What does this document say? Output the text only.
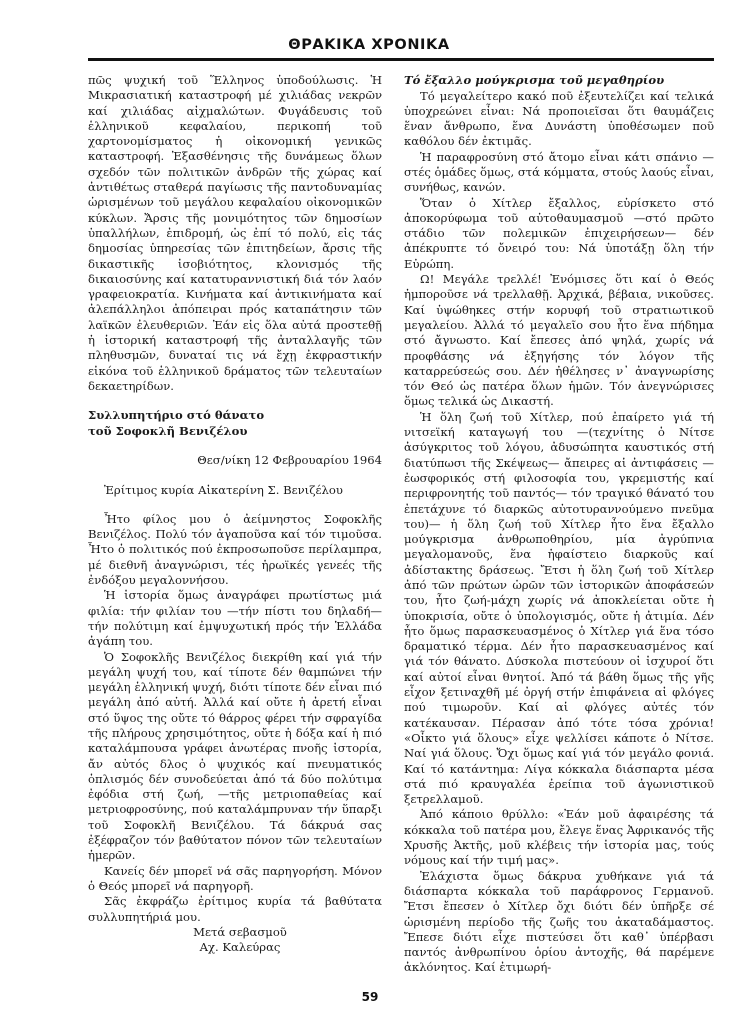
ΘΡΑΚΙΚΑ ΧΡΟΝΙΚΑ

πῶς ψυχική τοῦ Ἕλληνος ὑποδούλωσις. Ἡ Μικρασιατική καταστροφή μέ χιλιάδας νεκρῶν καί χιλιάδας αἰχμαλώτων. Φυγάδευσις τοῦ ἑλληνικοῦ κεφαλαίου, περικοπή τοῦ χαρτονομίσματος ἡ οἰκονομική γενικῶς καταστροφή. Ἐξασθένησις τῆς δυνάμεως ὅλων σχεδόν τῶν πολιτικῶν ἀνδρῶν τῆς χώρας καί ἀντιθέτως σταθερά παγίωσις τῆς παντοδυναμίας ὡρισμένων τοῦ μεγάλου κεφαλαίου οἰκονομικῶν κύκλων. Ἄρσις τῆς μονιμότητος τῶν δημοσίων ὑπαλλήλων, ἐπιδρομή, ὡς ἐπί τό πολύ, εἰς τάς δημοσίας ὑπηρεσίας τῶν ἐπιτηδείων, ἄρσις τῆς δικαστικῆς ἰσοβιότητος, κλονισμός τῆς δικαιοσύνης καί κατατυραννιστική διά τόν λαόν γραφειοκρατία. Κινήματα καί ἀντικινήματα καί ἀλεπάλληλοι ἀπόπειραι πρός καταπάτησιν τῶν λαϊκῶν ἐλευθεριῶν. Ἐάν εἰς ὅλα αὐτά προστεθῇ ἡ ἱστορική καταστροφή τῆς ἀνταλλαγῆς τῶν πληθυσμῶν, δυναταί τις νά ἔχῃ ἐκφραστικήν εἰκόνα τοῦ ἑλληνικοῦ δράματος τῶν τελευταίων δεκαετηρίδων.

Συλλυπητήριο στό θάνατο

τοῦ Σοφοκλῆ Βενιζέλου

Θεσ/νίκη 12 Φεβρουαρίου 1964

Ἐρίτιμος κυρία Αἰκατερίνη Σ. Βενιζέλου

Ἦτο φίλος μου ὁ ἀείμνηστος Σοφοκλῆς Βενιζέλος. Πολύ τόν ἀγαποῦσα καί τόν τιμοῦσα. Ἦτο ὁ πολιτικός πού ἐκπροσωποῦσε περίλαμπρα, μέ διεθνῆ ἀναγνώρισι, τές ἡρωϊκές γενεές τῆς ἐνδόξου μεγαλοννήσου.

Ἡ ἱστορία ὅμως ἀναγράφει πρωτίστως μιά φιλία: τήν φιλίαν του —τήν πίστι του δηλαδή— τήν πολύτιμη καί ἐμψυχωτική πρός τήν Ἑλλάδα ἀγάπη του.

Ὁ Σοφοκλῆς Βενιζέλος διεκρίθη καί γιά τήν μεγάλη ψυχή του, καί τίποτε δέν θαμπώνει τήν μεγάλη ἑλληνική ψυχή, διότι τίποτε δέν εἶναι πιό μεγάλη ἀπό αὐτή. Ἀλλά καί οὔτε ἡ ἀρετή εἶναι στό ὕψος της οὔτε τό θάρρος φέρει τήν σφραγίδα τῆς πλήρους χρησιμότητος, οὔτε ἡ δόξα καί ἡ πιό καταλάμπουσα γράφει ἀνωτέρας πνοῆς ἱστορία, ἄν αὐτός δλος ὁ ψυχικός καί πνευματικός ὁπλισμός δέν συνοδεύεται ἀπό τά δύο πολύτιμα ἐφόδια στή ζωή, —τῆς μετριοπαθείας καί μετριοφροσύνης, πού καταλάμπρυναν τήν ὕπαρξι τοῦ Σοφοκλῆ Βενιζέλου. Τά δάκρυά σας ἐξέφραζον τόν βαθύτατον πόνον τῶν τελευταίων ἡμερῶν.

Κανείς δέν μπορεῖ νά σᾶς παρηγορήση. Μόνον ὁ Θεός μπορεῖ νά παρηγορῆ.

Σᾶς ἐκφράζω ἐρίτιμος κυρία τά βαθύτατα συλλυπητήριά μου.

Μετά σεβασμοῦ

Αχ. Καλεύρας

Τό ἔξαλλο μούγκρισμα τοῦ μεγαθηρίου

Τό μεγαλείτερο κακό ποῦ ἐξευτελίζει καί τελικά ὑποχρεώνει εἶναι: Νά προποιεῖσαι ὅτι θαυμάζεις ἕναν ἄνθρωπο, ἕνα Δυνάστη ὑποθέσωμεν ποῦ καθόλου δέν ἐκτιμᾶς.

Ἡ παραφροσύνη στό ἄτομο εἶναι κάτι σπάνιο — στές ὁμάδες ὅμως, στά κόμματα, στούς λαούς εἶναι, συνήθως, κανών.

Ὅταν ὁ Χίτλερ ἔξαλλος, εὑρίσκετο στό ἀποκορύφωμα τοῦ αὐτοθαυμασμοῦ —στό πρῶτο στάδιο τῶν πολεμικῶν ἐπιχειρήσεων— δέν ἀπέκρυπτε τό ὄνειρό του: Νά ὑποτάξῃ ὅλη τήν Εὐρώπη.

Ω! Μεγάλε τρελλέ! Ἐνόμισες ὅτι καί ὁ Θεός ἠμποροῦσε νά τρελλαθῇ. Ἀρχικά, βέβαια, νικοῦσες. Καί ὑψώθηκες στήν κορυφή τοῦ στρατιωτικοῦ μεγαλείου. Ἀλλά τό μεγαλεῖο σου ἦτο ἕνα πήδημα στό ἄγνωστο. Καί ἔπεσες ἀπό ψηλά, χωρίς νά προφθάσης νά ἐξηγήσης τόν λόγον τῆς καταρρεύσεώς σου. Δέν ἠθέλησες ν᾽ ἀναγνωρίσης τόν Θεό ὡς πατέρα ὅλων ἡμῶν. Τόν ἀνεγνώρισες ὅμως τελικά ὡς Δικαστή.

Ἡ ὅλη ζωή τοῦ Χίτλερ, πού ἐπαίρετο γιά τή νιτσεϊκή καταγωγή του —(τεχνίτης ὁ Νίτσε ἀσύγκριτος τοῦ λόγου, ἀδυσώπητα καυστικός στή διατύπωσι τῆς Σκέψεως— ἄπειρες αἱ ἀντιφάσεις —ἐωσφορικός στή φιλοσοφία του, γκρεμιστής καί περιφρονητής τοῦ παντός— τόν τραγικό θάνατό του ἐπετάχυνε τό διαρκῶς αὐτοτυραννούμενο πνεῦμα του)— ἡ ὅλη ζωή τοῦ Χίτλερ ἦτο ἕνα ἔξαλλο μούγκρισμα ἀνθρωποθηρίου, μία ἀγρύπνια μεγαλομανοῦς, ἕνα ἡφαίστειο διαρκοῦς καί ἀδίστακτης δράσεως. Ἔτσι ἡ ὅλη ζωή τοῦ Χίτλερ ἀπό τῶν πρώτων ὡρῶν τῶν ἱστορικῶν ἀποφάσεών του, ἦτο ζωή-μάχη χωρίς νά ἀποκλείεται οὔτε ἡ ὑποκρισία, οὔτε ὁ ὑπολογισμός, οὔτε ἡ ἀτιμία. Δέν ἦτο ὅμως παρασκευασμένος ὁ Χίτλερ γιά ἕνα τόσο δραματικό τέρμα. Δέν ἦτο παρασκευασμένος καί γιά τόν θάνατο. Δύσκολα πιστεύουν οἱ ἰσχυροί ὅτι καί αὐτοί εἶναι θνητοί. Ἀπό τά βάθη ὅμως τῆς γῆς εἶχον ξετιναχθῆ μέ ὀργή στήν ἐπιφάνεια αἱ φλόγες πού τιμωροῦν. Καί αἱ φλόγες αὐτές τόν κατέκαυσαν. Πέρασαν ἀπό τότε τόσα χρόνια! «Οἶκτο γιά ὅλους» εἶχε ψελλίσει κάποτε ὁ Νίτσε. Ναί γιά ὅλους. Ὄχι ὅμως καί γιά τόν μεγάλο φονιά. Καί τό κατάντημα: Λίγα κόκκαλα διάσπαρτα μέσα στά πιό κραυγαλέα ἐρείπια τοῦ ἀγωνιστικοῦ ξετρελλαμοῦ.

Ἀπό κάποιο θρύλλο: «Ἐάν μοῦ ἀφαιρέσης τά κόκκαλα τοῦ πατέρα μου, ἔλεγε ἕνας Ἀφρικανός τῆς Χρυσῆς Ἀκτῆς, μοῦ κλέβεις τήν ἱστορία μας, τούς νόμους καί τήν τιμή μας».

Ἐλάχιστα ὅμως δάκρυα χυθήκανε γιά τά διάσπαρτα κόκκαλα τοῦ παράφρονος Γερμανοῦ. Ἔτσι ἔπεσεν ὁ Χίτλερ ὄχι διότι δέν ὑπῆρξε σέ ὡρισμένη περίοδο τῆς ζωῆς του ἀκαταδάμαστος. Ἔπεσε διότι εἶχε πιστεύσει ὅτι καθ᾽ ὑπέρβασι παντός ἀνθρωπίνου ὁρίου ἀντοχῆς, θά παρέμενε ἀκλόνητος. Καί ἐτιμωρή-

59
